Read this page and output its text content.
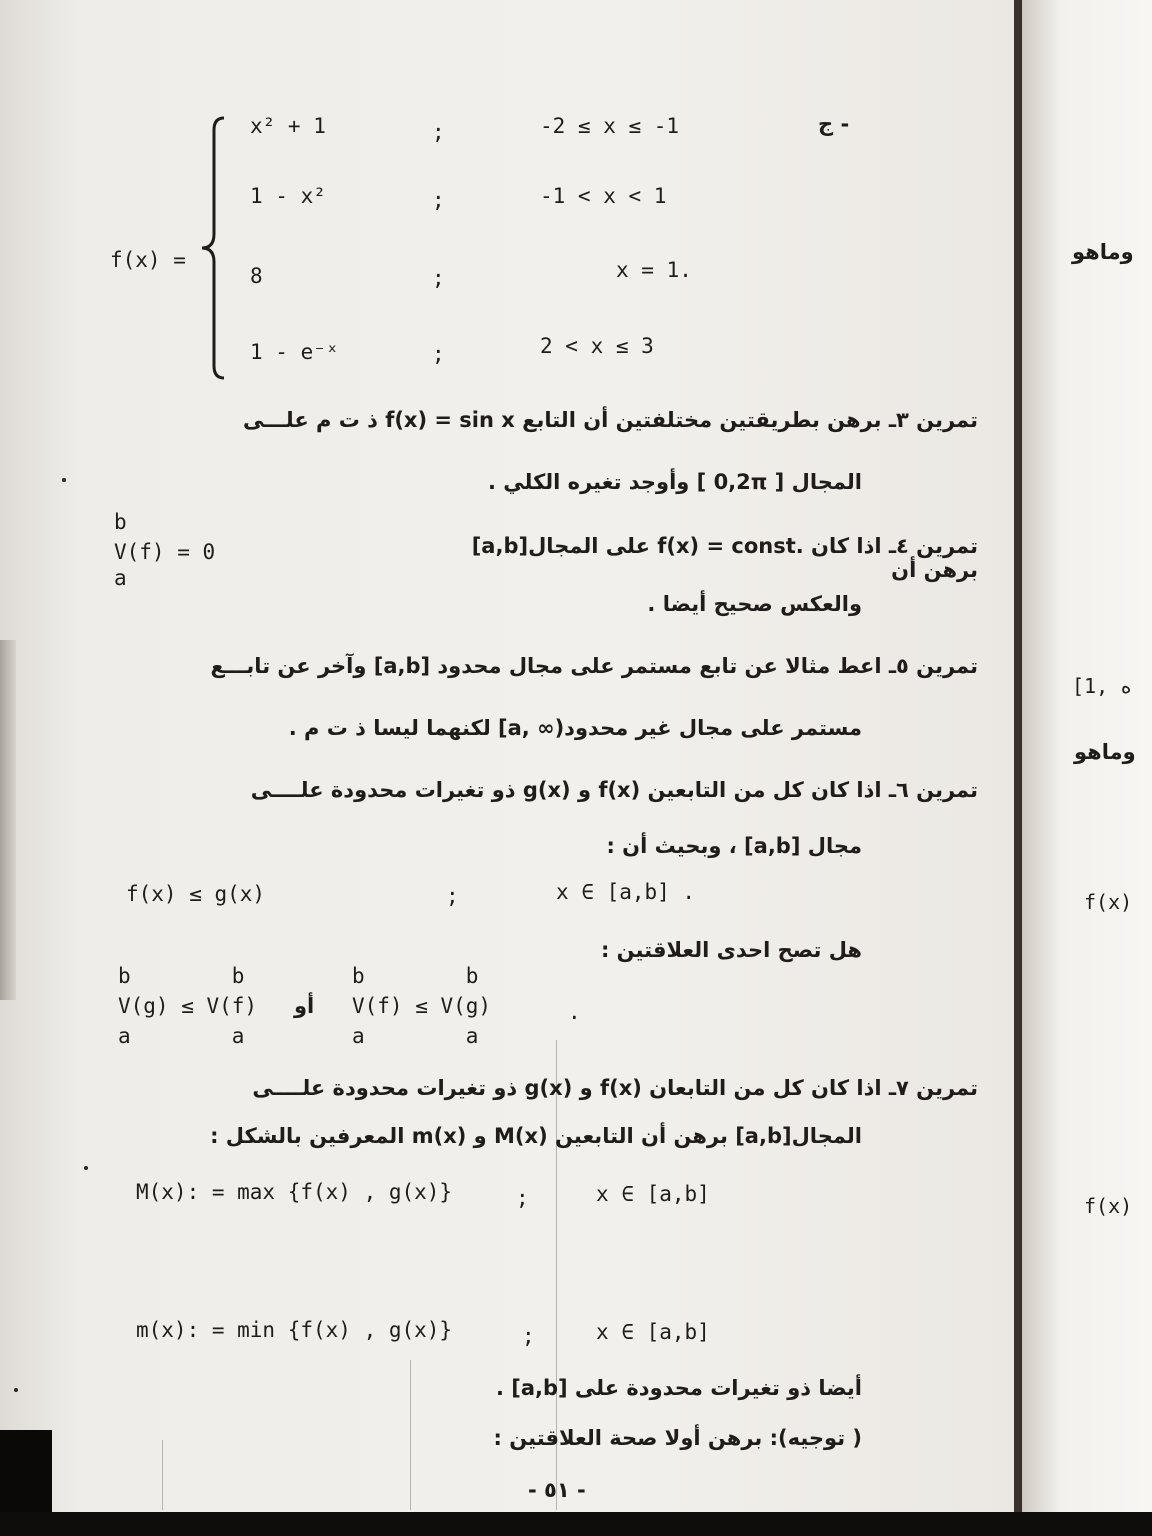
f(x) =
- ج
x² + 1	;	-2 ≤ x ≤ -1
1 - x²	;	-1 < x < 1
8	;	x = 1.
1 - e⁻ˣ	;	2 < x ≤ 3
تمرين ٣ـ برهن بطريقتين مختلفتين أن التابع f(x) = sin x ذ ت م علـــى
المجال [ 0,2π ] وأوجد تغيره الكلي .
تمرين ٤ـ اذا كان .f(x) = const على المجال[a,b] برهن أن
b
V(f) = 0
a
والعكس صحيح أيضا .
تمرين ٥ـ اعط مثالا عن تابع مستمر على مجال محدود [a,b] وآخر عن تابـــع
مستمر على مجال غير محدود(∞ ,a] لكنهما ليسا ذ ت م .
تمرين ٦ـ اذا كان كل من التابعين (f(x و (g(x ذو تغيرات محدودة علــــى
مجال [a,b] ، وبحيث أن :
f(x) ≤ g(x)	;	x ∈ [a,b] .
هل تصح احدى العلاقتين :
b        b
V(g) ≤ V(f)
a        a
أو
b        b
V(f) ≤ V(g)
a        a
.
تمرين ٧ـ اذا كان كل من التابعان (f(x و (g(x ذو تغيرات محدودة علــــى
المجال[a,b] برهن أن التابعين (M(x و (m(x المعرفين بالشكل :
M(x): = max {f(x) , g(x)}	;	x ∈ [a,b]
m(x): = min {f(x) , g(x)}	;	x ∈ [a,b]
أيضا ذو تغيرات محدودة على [a,b] .
( توجيه): برهن أولا صحة العلاقتين :
- ٥١ -
وماهو
[1, ه
وماهو
f(x)
f(x)
